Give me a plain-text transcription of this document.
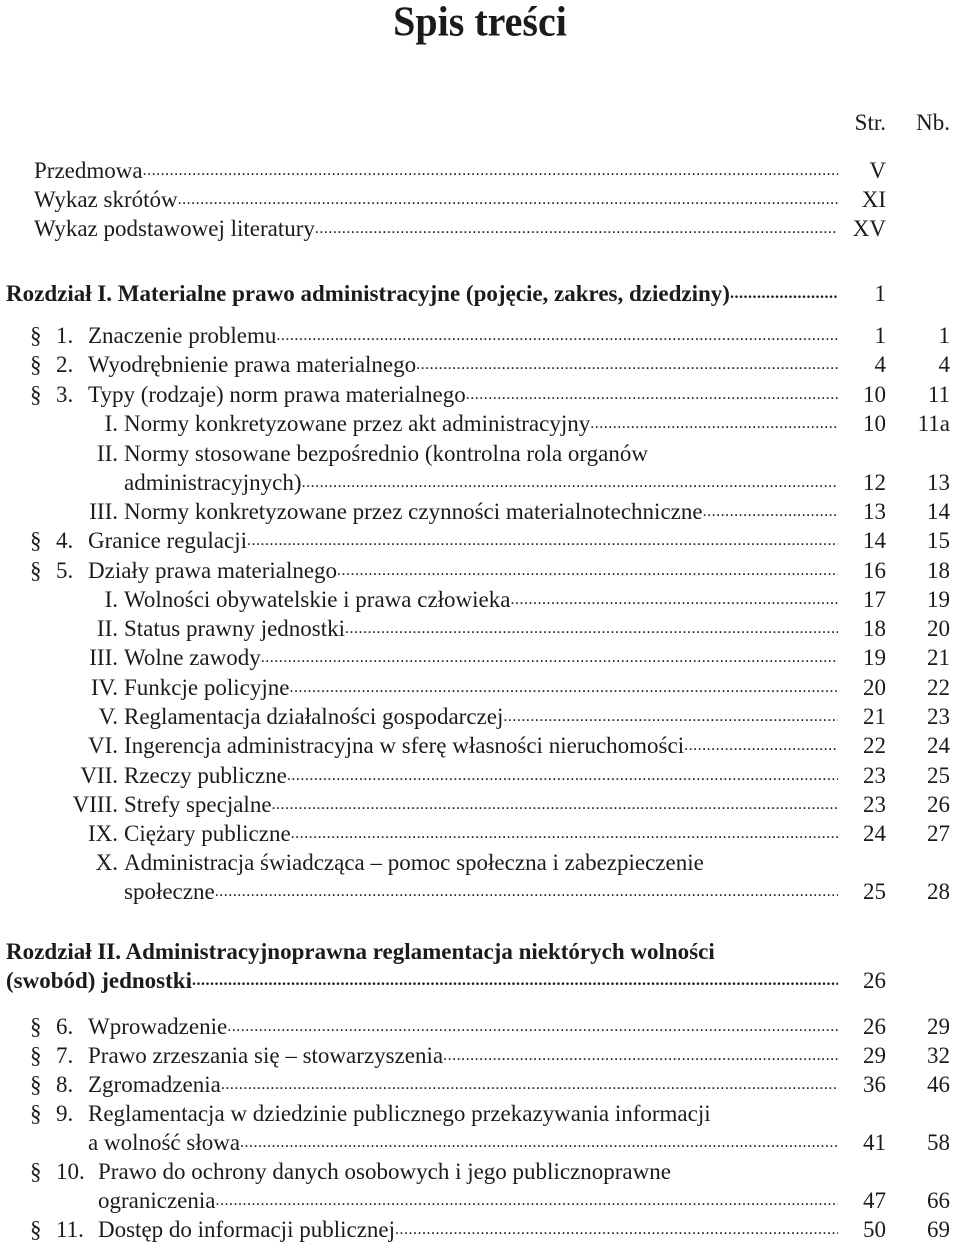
Spis treści
Str.	Nb.
Przedmowa .....	V
Wykaz skrótów .....	XI
Wykaz podstawowej literatury .....	XV
Rozdział I. Materialne prawo administracyjne (pojęcie, zakres, dziedziny) .....	1
§ 1. Znaczenie problemu .....	1	1
§ 2. Wyodrębnienie prawa materialnego .....	4	4
§ 3. Typy (rodzaje) norm prawa materialnego .....	10	11
I. Normy konkretyzowane przez akt administracyjny .....	10	11a
II. Normy stosowane bezpośrednio (kontrolna rola organów
administracyjnych) .....	12	13
III. Normy konkretyzowane przez czynności materialnotechniczne .....	13	14
§ 4. Granice regulacji .....	14	15
§ 5. Działy prawa materialnego .....	16	18
I. Wolności obywatelskie i prawa człowieka .....	17	19
II. Status prawny jednostki .....	18	20
III. Wolne zawody .....	19	21
IV. Funkcje policyjne .....	20	22
V. Reglamentacja działalności gospodarczej .....	21	23
VI. Ingerencja administracyjna w sferę własności nieruchomości .....	22	24
VII. Rzeczy publiczne .....	23	25
VIII. Strefy specjalne .....	23	26
IX. Ciężary publiczne .....	24	27
X. Administracja świadcząca – pomoc społeczna i zabezpieczenie
społeczne .....	25	28
Rozdział II. Administracyjnoprawna reglamentacja niektórych wolności
(swobód) jednostki .....	26
§ 6. Wprowadzenie .....	26	29
§ 7. Prawo zrzeszania się – stowarzyszenia .....	29	32
§ 8. Zgromadzenia .....	36	46
§ 9. Reglamentacja w dziedzinie publicznego przekazywania informacji
a wolność słowa .....	41	58
§ 10. Prawo do ochrony danych osobowych i jego publicznoprawne
ograniczenia .....	47	66
§ 11. Dostęp do informacji publicznej .....	50	69
